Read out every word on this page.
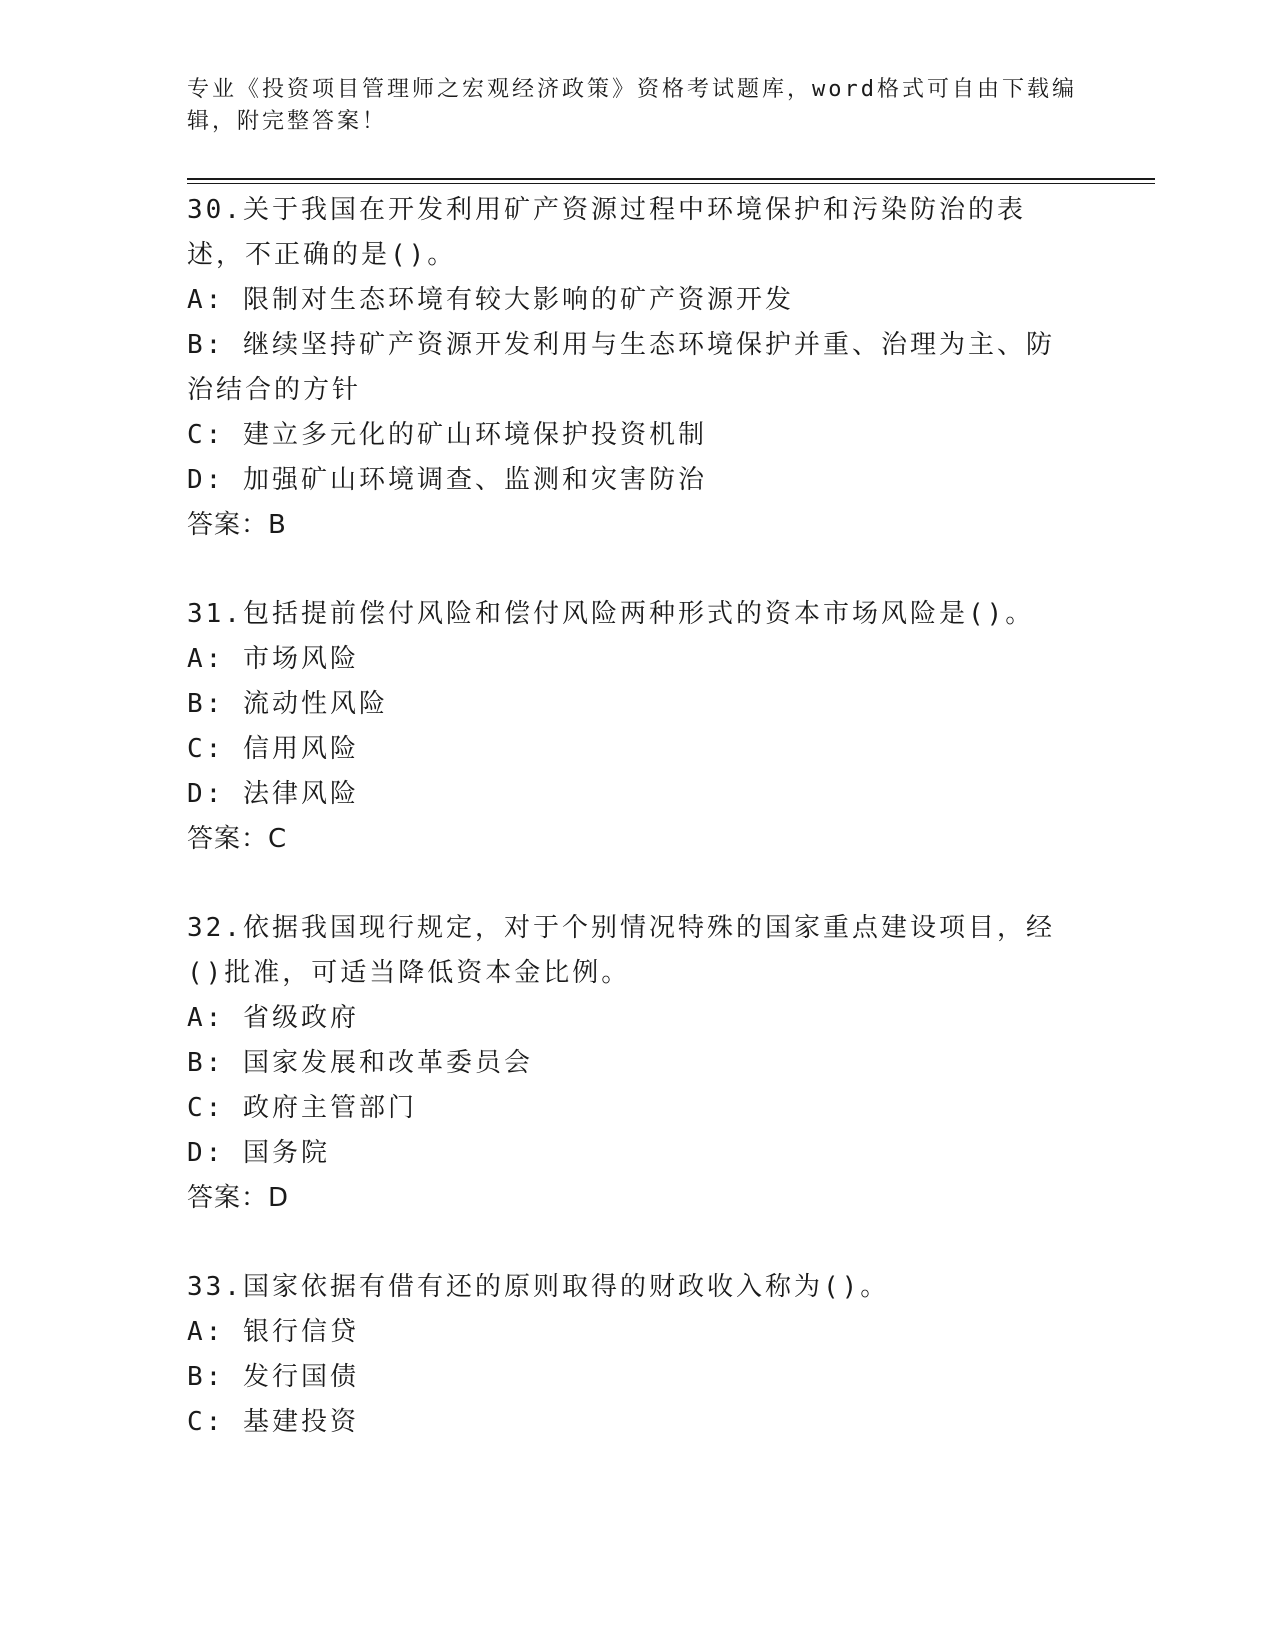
专业《投资项目管理师之宏观经济政策》资格考试题库，word格式可自由下载编辑，附完整答案！
30.关于我国在开发利用矿产资源过程中环境保护和污染防治的表述，不正确的是()。
A: 限制对生态环境有较大影响的矿产资源开发
B: 继续坚持矿产资源开发利用与生态环境保护并重、治理为主、防治结合的方针
C: 建立多元化的矿山环境保护投资机制
D: 加强矿山环境调查、监测和灾害防治
答案：B
31.包括提前偿付风险和偿付风险两种形式的资本市场风险是()。
A: 市场风险
B: 流动性风险
C: 信用风险
D: 法律风险
答案：C
32.依据我国现行规定，对于个别情况特殊的国家重点建设项目，经()批准，可适当降低资本金比例。
A: 省级政府
B: 国家发展和改革委员会
C: 政府主管部门
D: 国务院
答案：D
33.国家依据有借有还的原则取得的财政收入称为()。
A: 银行信贷
B: 发行国债
C: 基建投资
